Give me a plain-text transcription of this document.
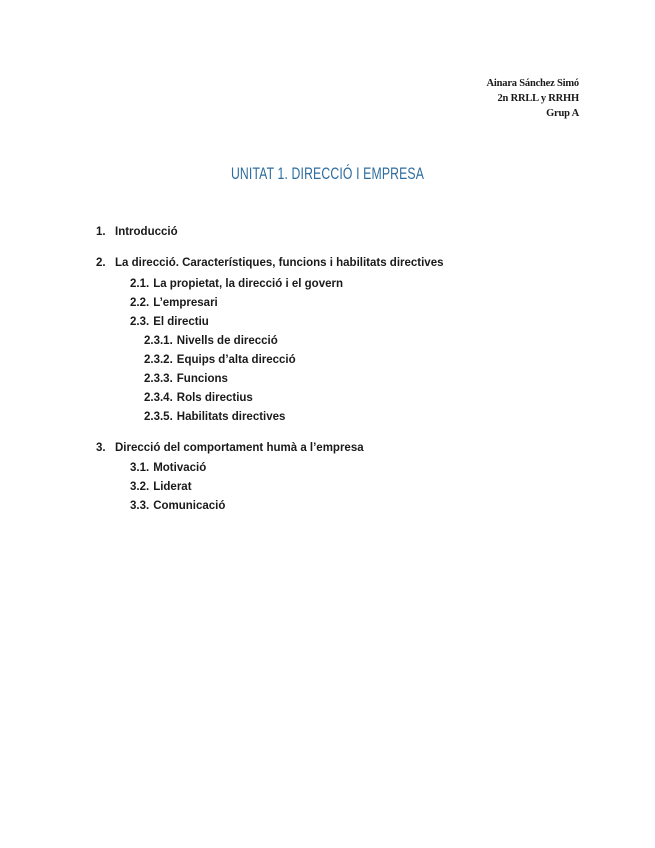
Ainara Sánchez Simó
2n RRLL y RRHH
Grup A
UNITAT 1. DIRECCIÓ I EMPRESA
1. Introducció
2. La direcció. Característiques, funcions i habilitats directives
2.1. La propietat, la direcció i el govern
2.2. L’empresari
2.3. El directiu
2.3.1. Nivells de direcció
2.3.2. Equips d’alta direcció
2.3.3. Funcions
2.3.4. Rols directius
2.3.5. Habilitats directives
3. Direcció del comportament humà a l’empresa
3.1. Motivació
3.2. Liderat
3.3. Comunicació
